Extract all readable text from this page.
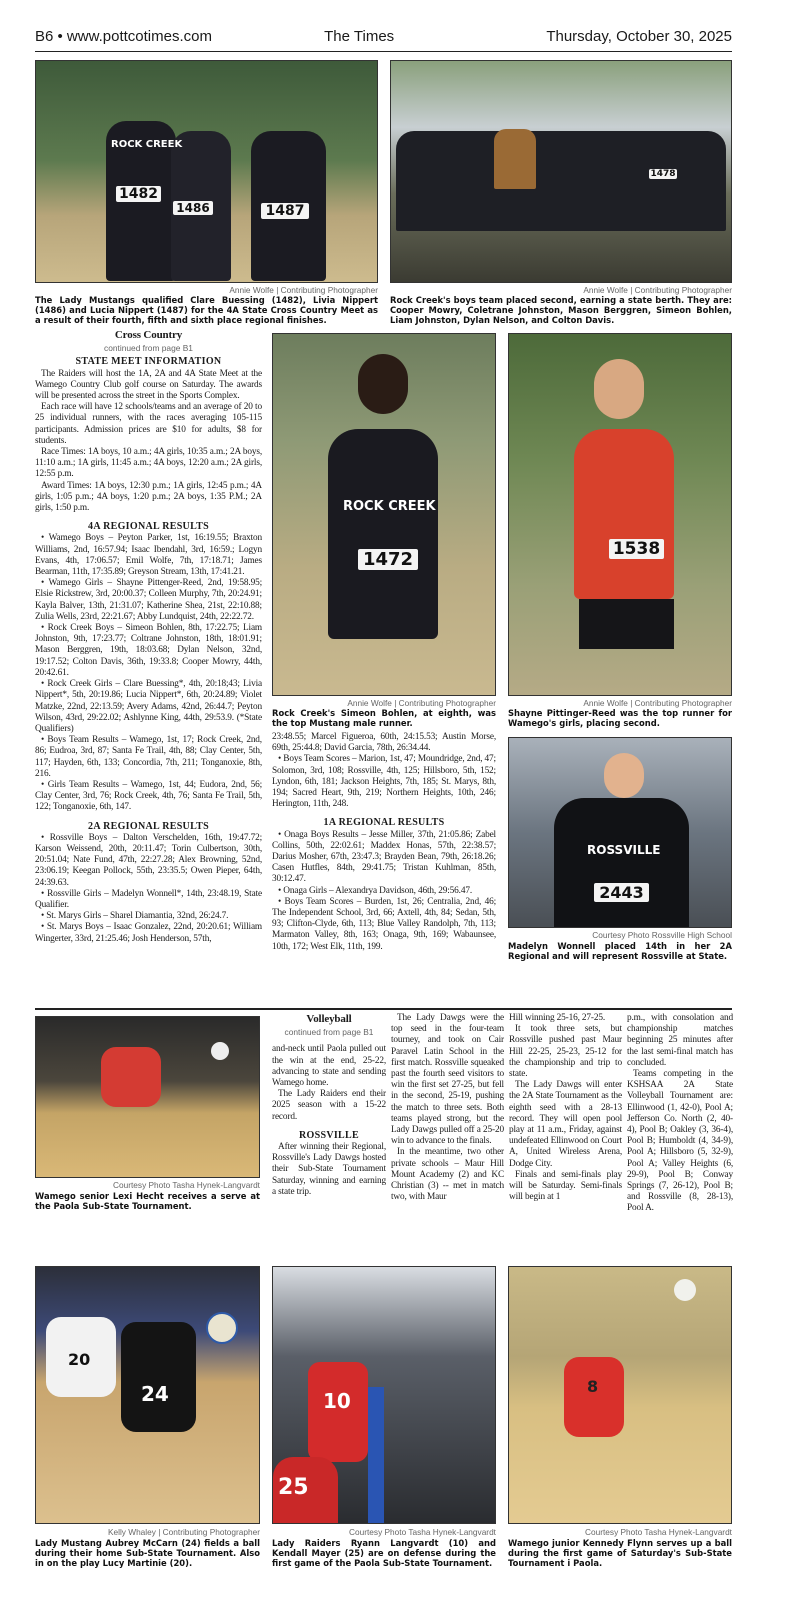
B6 • www.pottcotimes.com	The Times	Thursday, October 30, 2025
ROCK CREEK
1482
1486	1487
Annie Wolfe | Contributing Photographer
The Lady Mustangs qualified Clare Buessing (1482), Livia Nippert (1486) and Lucia Nippert (1487) for the 4A State Cross Country Meet as a result of their fourth, fifth and sixth place regional finishes.
1478
Annie Wolfe | Contributing Photographer
Rock Creek's boys team placed second, earning a state berth. They are: Cooper Mowry, Coletrane Johnston, Mason Berggren, Simeon Bohlen, Liam Johnston, Dylan Nelson, and Colton Davis.
Cross Country
continued from page B1
STATE MEET INFORMATION

The Raiders will host the 1A, 2A and 4A State Meet at the Wamego Country Club golf course on Saturday. The awards will be presented across the street in the Sports Complex.

Each race will have 12 schools/teams and an average of 20 to 25 individual runners, with the races averaging 105-115 participants. Admission prices are $10 for adults, $8 for students.

Race Times: 1A boys, 10 a.m.; 4A girls, 10:35 a.m.; 2A boys, 11:10 a.m.; 1A girls, 11:45 a.m.; 4A boys, 12:20 a.m.; 2A girls, 12:55 p.m.

Award Times: 1A boys, 12:30 p.m.; 1A girls, 12:45 p.m.; 4A girls, 1:05 p.m.; 4A boys, 1:20 p.m.; 2A boys, 1:35 P.M.; 2A girls, 1:50 p.m.

4A REGIONAL RESULTS

• Wamego Boys – Peyton Parker, 1st, 16:19.55; Braxton Williams, 2nd, 16:57.94; Isaac Ibendahl, 3rd, 16:59.; Logyn Evans, 4th, 17:06.57; Emil Wolfe, 7th, 17:18.71; James Bearman, 11th, 17:35.89; Greyson Stream, 13th, 17:41.21.

• Wamego Girls – Shayne Pittenger-Reed, 2nd, 19:58.95; Elsie Rickstrew, 3rd, 20:00.37; Colleen Murphy, 7th, 20:24.91; Kayla Balver, 13th, 21:31.07; Katherine Shea, 21st, 22:10.88; Zulia Wells, 23rd, 22:21.67; Abby Lundquist, 24th, 22:22.72.

• Rock Creek Boys – Simeon Bohlen, 8th, 17:22.75; Liam Johnston, 9th, 17:23.77; Coltrane Johnston, 18th, 18:01.91; Mason Berggren, 19th, 18:03.68; Dylan Nelson, 32nd, 19:17.52; Colton Davis, 36th, 19:33.8; Cooper Mowry, 44th, 20:42.61.

• Rock Creek Girls – Clare Buessing*, 4th, 20:18;43; Livia Nippert*, 5th, 20:19.86; Lucia Nippert*, 6th, 20:24.89; Violet Matzke, 22nd, 22:13.59; Avery Adams, 42nd, 26:44.7; Peyton Wilson, 43rd, 29:22.02; Ashlynne King, 44th, 29:53.9. (*State Qualifiers)

• Boys Team Results – Wamego, 1st, 17; Rock Creek, 2nd, 86; Eudroa, 3rd, 87; Santa Fe Trail, 4th, 88; Clay Center, 5th, 117; Hayden, 6th, 133; Concordia, 7th, 211; Tonganoxie, 8th, 216.

• Girls Team Results – Wamego, 1st, 44; Eudora, 2nd, 56; Clay Center, 3rd, 76; Rock Creek, 4th, 76; Santa Fe Trail, 5th, 122; Tonganoxie, 6th, 147.

2A REGIONAL RESULTS

• Rossville Boys – Dalton Verschelden, 16th, 19:47.72; Karson Weissend, 20th, 20:11.47; Torin Culbertson, 30th, 20:51.04; Nate Fund, 47th, 22:27.28; Alex Browning, 52nd, 23:06.19; Keegan Pollock, 55th, 23:35.5; Owen Pieper, 64th, 24:39.63.

• Rossville Girls – Madelyn Wonnell*, 14th, 23:48.19, State Qualifier.

• St. Marys Girls – Sharel Diamantia, 32nd, 26:24.7.

• St. Marys Boys – Isaac Gonzalez, 22nd, 20:20.61; William Wingerter, 33rd, 21:25.46; Josh Henderson, 57th,

ROCK CREEK
1472
Annie Wolfe | Contributing Photographer
Rock Creek's Simeon Bohlen, at eighth, was the top Mustang male runner.
1538
Annie Wolfe | Contributing Photographer
Shayne Pittinger-Reed was the top runner for Wamego's girls, placing second.

23:48.55; Marcel Figueroa, 60th, 24:15.53; Austin Morse, 69th, 25:44.8; David Garcia, 78th, 26:34.44.

• Boys Team Scores – Marion, 1st, 47; Moundridge, 2nd, 47; Solomon, 3rd, 108; Rossville, 4th, 125; Hillsboro, 5th, 152; Lyndon, 6th, 181; Jackson Heights, 7th, 185; St. Marys, 8th, 194; Sacred Heart, 9th, 219; Northern Heights, 10th, 246; Herington, 11th, 248.

1A REGIONAL RESULTS

• Onaga Boys Results – Jesse Miller, 37th, 21:05.86; Zabel Collins, 50th, 22:02.61; Maddex Honas, 57th, 22:38.57; Darius Mosher, 67th, 23:47.3; Brayden Bean, 79th, 26:18.26; Casen Hutfles, 84th, 29:41.75; Tristan Kuhlman, 85th, 30:12.47.

• Onaga Girls – Alexandrya Davidson, 46th, 29:56.47.

• Boys Team Scores – Burden, 1st, 26; Centralia, 2nd, 46; The Independent School, 3rd, 66; Axtell, 4th, 84; Sedan, 5th, 93; Clifton-Clyde, 6th, 113; Blue Valley Randolph, 7th, 113; Marmaton Valley, 8th, 163; Onaga, 9th, 169; Wabaunsee, 10th, 172; West Elk, 11th, 199.

ROSSVILLE
2443
Courtesy Photo Rossville High School
Madelyn Wonnell placed 14th in her 2A Regional and will represent Rossville at State.
Courtesy Photo Tasha Hynek-Langvardt
Wamego senior Lexi Hecht receives a serve at the Paola Sub-State Tournament.
Volleyball
continued from page B1

and-neck until Paola pulled out the win at the end, 25-22, advancing to state and sending Wamego home.

The Lady Raiders end their 2025 season with a 15-22 record.

ROSSVILLE

After winning their Regional, Rossville's Lady Dawgs hosted their Sub-State Tournament Saturday, winning and earning a state trip.

The Lady Dawgs were the top seed in the four-team tourney, and took on Cair Paravel Latin School in the first match. Rossville squeaked past the fourth seed visitors to win the first set 27-25, but fell in the second, 25-19, pushing the match to three sets. Both teams played strong, but the Lady Dawgs pulled off a 25-20 win to advance to the finals.

In the meantime, two other private schools – Maur Hill Mount Academy (2) and KC Christian (3) -- met in match two, with Maur

Hill winning 25-16, 27-25.

It took three sets, but Rossville pushed past Maur Hill 22-25, 25-23, 25-12 for the championship and trip to state.

The Lady Dawgs will enter the 2A State Tournament as the eighth seed with a 28-13 record. They will open pool play at 11 a.m., Friday, against undefeated Ellinwood on Court A, United Wireless Arena, Dodge City.

Finals and semi-finals play will be Saturday. Semi-finals will begin at 1

p.m., with consolation and championship matches beginning 25 minutes after the last semi-final match has concluded.

Teams competing in the KSHSAA 2A State Volleyball Tournament are: Ellinwood (1, 42-0), Pool A; Jefferson Co. North (2, 40-4), Pool B; Oakley (3, 36-4), Pool B; Humboldt (4, 34-9), Pool A; Hillsboro (5, 32-9), Pool A; Valley Heights (6, 29-9), Pool B; Conway Springs (7, 26-12), Pool B; and Rossville (8, 28-13), Pool A.

20
24
Kelly Whaley | Contributing Photographer
Lady Mustang Aubrey McCarn (24) fields a ball during their home Sub-State Tournament. Also in on the play Lucy Martinie (20).
10
25
Courtesy Photo Tasha Hynek-Langvardt
Lady Raiders Ryann Langvardt (10) and Kendall Mayer (25) are on defense during the first game of the Paola Sub-State Tournament.
8
Courtesy Photo Tasha Hynek-Langvardt
Wamego junior Kennedy Flynn serves up a ball during the first game of Saturday's Sub-State Tournament i Paola.
